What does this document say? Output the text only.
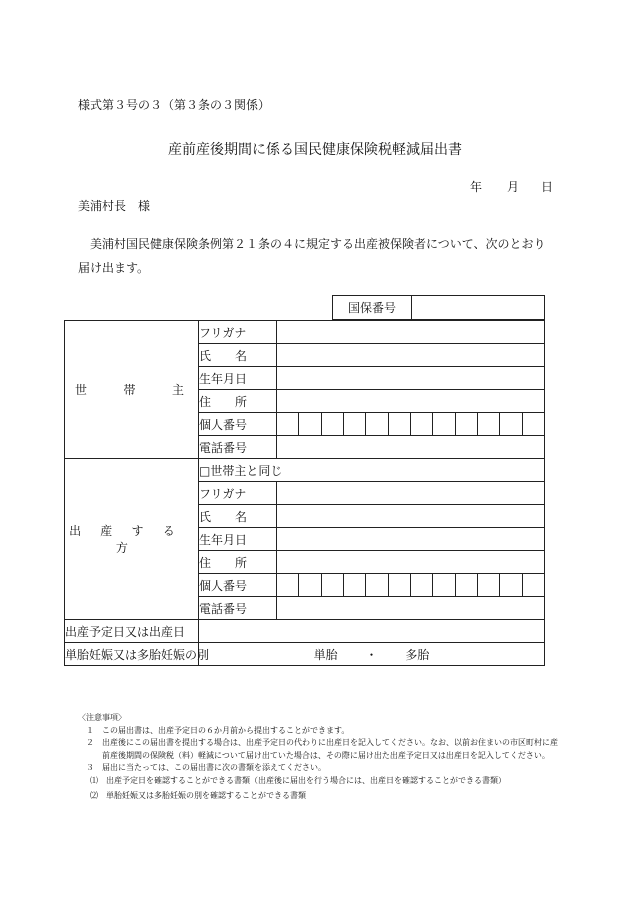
様式第３号の３（第３条の３関係）
産前産後期間に係る国民健康保険税軽減届出書
年 月 日
美浦村長　様
美浦村国民健康保険条例第２１条の４に規定する出産被保険者について、次のとおり届け出ます。
国保番号
世 帯 主	フリガナ												
	氏　　名												
	生年月日												
	住　　所												
	個人番号												
	電話番号												
出産する方	□世帯主と同じ												
	フリガナ												
	氏　　名												
	生年月日												
	住　　所												
	個人番号												
	電話番号												
出産予定日又は出産日													
単胎妊娠又は多胎妊娠の別	単胎 ・ 多胎												

〈注意事項〉

１　この届出書は、出産予定日の６か月前から提出することができます。

２　出産後にこの届出書を提出する場合は、出産予定日の代わりに出産日を記入してください。なお、以前お住まいの市区町村に産前産後期間の保険税（料）軽減について届け出ていた場合は、その際に届け出た出産予定日又は出産日を記入してください。

３　届出に当たっては、この届出書に次の書類を添えてください。

⑴　出産予定日を確認することができる書類（出産後に届出を行う場合には、出産日を確認することができる書類）

⑵　単胎妊娠又は多胎妊娠の別を確認することができる書類
